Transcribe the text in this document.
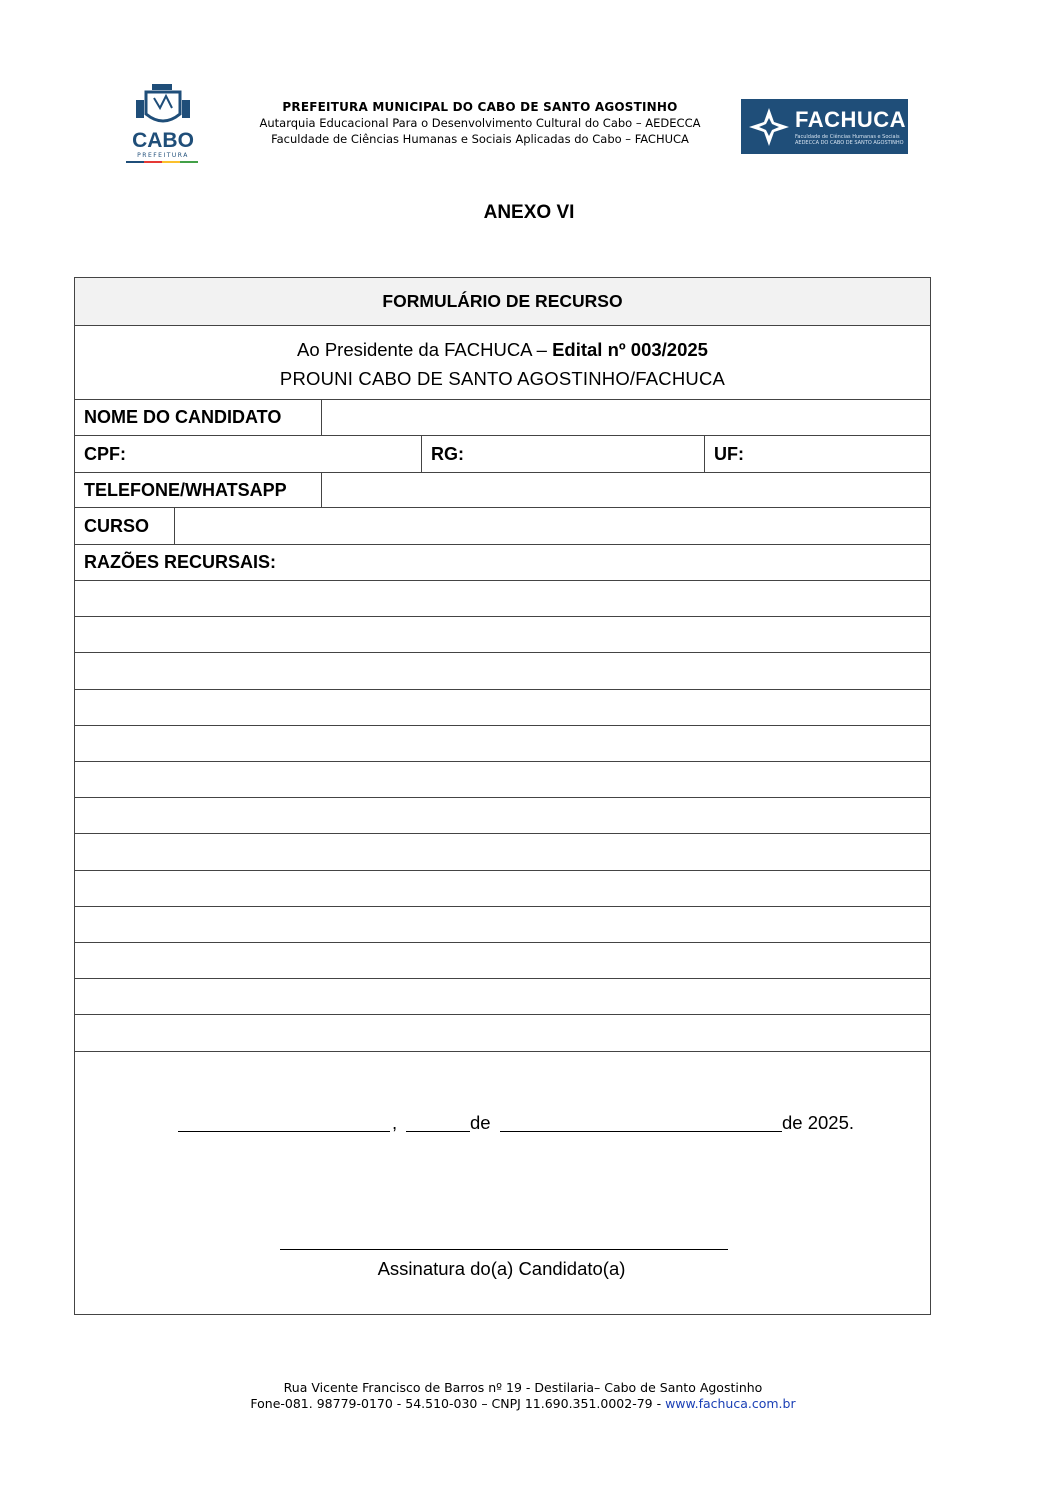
CABO
PREFEITURA
PREFEITURA MUNICIPAL DO CABO DE SANTO AGOSTINHO
Autarquia Educacional Para o Desenvolvimento Cultural do Cabo – AEDECCA
Faculdade de Ciências Humanas e Sociais Aplicadas do Cabo – FACHUCA
FACHUCA
Faculdade de Ciências Humanas e Sociais AEDECCA DO CABO DE SANTO AGOSTINHO
ANEXO VI
FORMULÁRIO DE RECURSO
Ao Presidente da FACHUCA – Edital nº 003/2025
PROUNI CABO DE SANTO AGOSTINHO/FACHUCA
NOME DO CANDIDATO
CPF:	RG:	UF:
TELEFONE/WHATSAPP
CURSO
RAZÕES RECURSAIS:
,	de	de 2025.
Assinatura do(a) Candidato(a)
Rua Vicente Francisco de Barros nº 19 - Destilaria– Cabo de Santo Agostinho
Fone-081. 98779-0170 - 54.510-030 – CNPJ 11.690.351.0002-79 - www.fachuca.com.br
